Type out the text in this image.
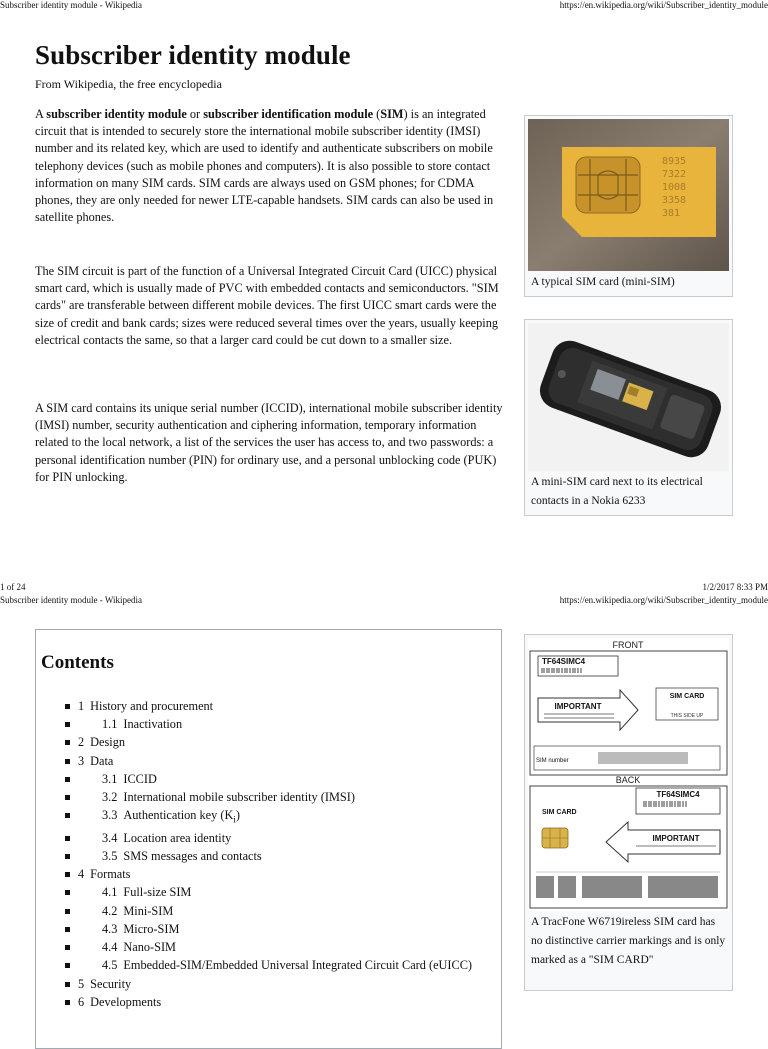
Subscriber identity module - Wikipedia	https://en.wikipedia.org/wiki/Subscriber_identity_module
Subscriber identity module
From Wikipedia, the free encyclopedia
A subscriber identity module or subscriber identification module (SIM) is an integrated circuit that is intended to securely store the international mobile subscriber identity (IMSI) number and its related key, which are used to identify and authenticate subscribers on mobile telephony devices (such as mobile phones and computers). It is also possible to store contact information on many SIM cards. SIM cards are always used on GSM phones; for CDMA phones, they are only needed for newer LTE-capable handsets. SIM cards can also be used in satellite phones.
The SIM circuit is part of the function of a Universal Integrated Circuit Card (UICC) physical smart card, which is usually made of PVC with embedded contacts and semiconductors. "SIM cards" are transferable between different mobile devices. The first UICC smart cards were the size of credit and bank cards; sizes were reduced several times over the years, usually keeping electrical contacts the same, so that a larger card could be cut down to a smaller size.
A SIM card contains its unique serial number (ICCID), international mobile subscriber identity (IMSI) number, security authentication and ciphering information, temporary information related to the local network, a list of the services the user has access to, and two passwords: a personal identification number (PIN) for ordinary use, and a personal unblocking code (PUK) for PIN unlocking.
8935
7322
1008
3358
381
A typical SIM card (mini-SIM)
A mini-SIM card next to its electrical contacts in a Nokia 6233
1 of 24	1/2/2017 8:33 PM
Subscriber identity module - Wikipedia	https://en.wikipedia.org/wiki/Subscriber_identity_module
Contents
1 History and procurement
1.1 Inactivation
2 Design
3 Data
3.1 ICCID
3.2 International mobile subscriber identity (IMSI)
3.3 Authentication key $(K_i)$
3.4 Location area identity
3.5 SMS messages and contacts
4 Formats
4.1 Full-size SIM
4.2 Mini-SIM
4.3 Micro-SIM
4.4 Nano-SIM
4.5 Embedded-SIM/Embedded Universal Integrated Circuit Card (eUICC)
5 Security
6 Developments
FRONT
TF64SIMC4
IMPORTANT
SIM CARD
THIS SIDE UP
SIM number
BACK
TF64SIMC4
SIM CARD
IMPORTANT
A TracFone W6719ireless SIM card has no distinctive carrier markings and is only marked as a "SIM CARD"
